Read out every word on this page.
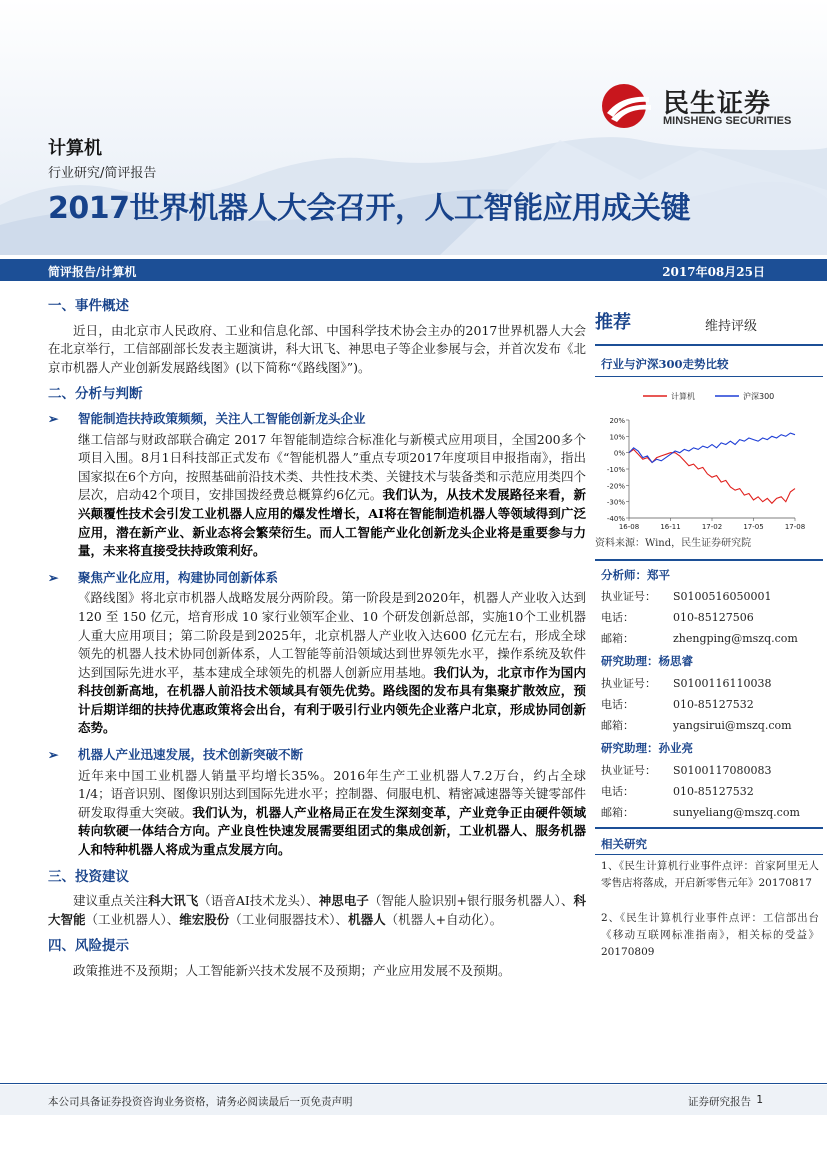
民生证券
MINSHENG SECURITIES
计算机
行业研究/简评报告
2017世界机器人大会召开，人工智能应用成关键
简评报告/计算机	2017年08月25日
一、事件概述
近日，由北京市人民政府、工业和信息化部、中国科学技术协会主办的2017世界机器人大会在北京举行，工信部副部长发表主题演讲，科大讯飞、神思电子等企业参展与会，并首次发布《北京市机器人产业创新发展路线图》(以下简称“《路线图》”)。
二、分析与判断
➢ 智能制造扶持政策频频，关注人工智能创新龙头企业
继工信部与财政部联合确定 2017 年智能制造综合标准化与新模式应用项目，全国200多个项目入围。8月1日科技部正式发布《“智能机器人”重点专项2017年度项目申报指南》，指出国家拟在6个方向，按照基础前沿技术类、共性技术类、关键技术与装备类和示范应用类四个层次，启动42个项目，安排国拨经费总概算约6亿元。我们认为，从技术发展路径来看，新兴颠覆性技术会引发工业机器人应用的爆发性增长，AI将在智能制造机器人等领域得到广泛应用，潜在新产业、新业态将会繁荣衍生。而人工智能产业化创新龙头企业将是重要参与力量，未来将直接受扶持政策利好。
➢ 聚焦产业化应用，构建协同创新体系
《路线图》将北京市机器人战略发展分两阶段。第一阶段是到2020年，机器人产业收入达到 120 至 150 亿元，培育形成 10 家行业领军企业、10 个研发创新总部，实施10个工业机器人重大应用项目；第二阶段是到2025年，北京机器人产业收入达600 亿元左右，形成全球领先的机器人技术协同创新体系，人工智能等前沿领域达到世界领先水平，操作系统及软件达到国际先进水平，基本建成全球领先的机器人创新应用基地。我们认为，北京市作为国内科技创新高地，在机器人前沿技术领域具有领先优势。路线图的发布具有集聚扩散效应，预计后期详细的扶持优惠政策将会出台，有利于吸引行业内领先企业落户北京，形成协同创新态势。
➢ 机器人产业迅速发展，技术创新突破不断
近年来中国工业机器人销量平均增长35%。2016年生产工业机器人7.2万台，约占全球1/4；语音识别、图像识别达到国际先进水平；控制器、伺服电机、精密减速器等关键零部件研发取得重大突破。我们认为，机器人产业格局正在发生深刻变革，产业竞争正由硬件领域转向软硬一体结合方向。产业良性快速发展需要组团式的集成创新，工业机器人、服务机器人和特种机器人将成为重点发展方向。
三、投资建议
建议重点关注科大讯飞（语音AI技术龙头）、神思电子（智能人脸识别+银行服务机器人）、科大智能（工业机器人）、维宏股份（工业伺服器技术）、机器人（机器人+自动化）。
四、风险提示
政策推进不及预期；人工智能新兴技术发展不及预期；产业应用发展不及预期。
推荐	维持评级
行业与沪深300走势比较
计算机	沪深300
20%
10%
0%
-10%
-20%
-30%
-40%
16-08	16-11	17-02	17-05	17-08
资料来源：Wind，民生证券研究院
分析师：郑平
执业证号： S0100516050001
电话：	010-85127506
邮箱：	zhengping@mszq.com
研究助理：杨思睿
执业证号： S0100116110038
电话：	010-85127532
邮箱：	yangsirui@mszq.com
研究助理：孙业亮
执业证号： S0100117080083
电话：	010-85127532
邮箱：	sunyeliang@mszq.com
相关研究
1、《民生计算机行业事件点评：首家阿里无人零售店将落成，开启新零售元年》20170817
2、《民生计算机行业事件点评：工信部出台《移动互联网标准指南》，相关标的受益》20170809
本公司具备证券投资咨询业务资格，请务必阅读最后一页免责声明	证券研究报告 1
